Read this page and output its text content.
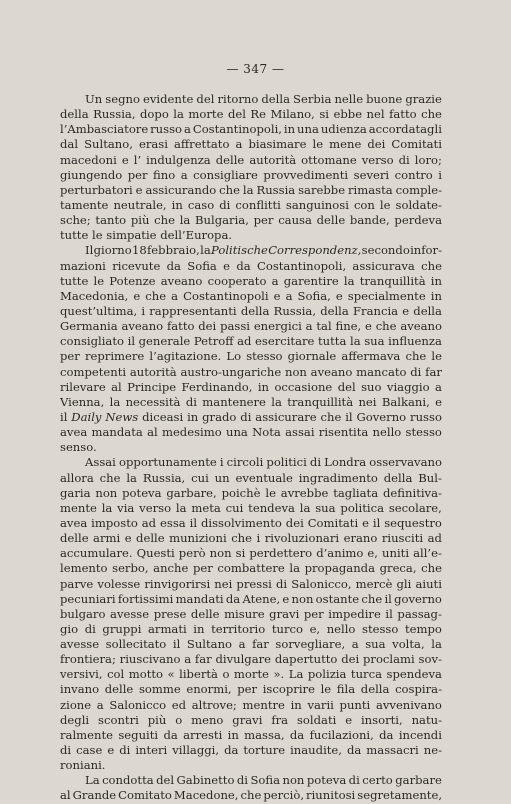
— 347 —
Un segno evidente del ritorno della Serbia nelle buone grazie
della Russia, dopo la morte del Re Milano, si ebbe nel fatto che
l’Ambasciatore russo a Costantinopoli, in una udienza accordatagli
dal Sultano, erasi affrettato a biasimare le mene dei Comitati
macedoni e l’ indulgenza delle autorità ottomane verso di loro;
giungendo per fino a consigliare provvedimenti severi contro i
perturbatori e assicurando che la Russia sarebbe rimasta comple-
tamente neutrale, in caso di conflitti sanguinosi con le soldate-
sche; tanto più che la Bulgaria, per causa delle bande, perdeva
tutte le simpatie dell’Europa.
Il giorno 18 febbraio, la Politische Correspondenz, secondo infor-
mazioni ricevute da Sofia e da Costantinopoli, assicurava che
tutte le Potenze aveano cooperato a garentire la tranquillità in
Macedonia, e che a Costantinopoli e a Sofia, e specialmente in
quest’ultima, i rappresentanti della Russia, della Francia e della
Germania aveano fatto dei passi energici a tal fine, e che aveano
consigliato il generale Petroff ad esercitare tutta la sua influenza
per reprimere l’agitazione. Lo stesso giornale affermava che le
competenti autorità austro-ungariche non aveano mancato di far
rilevare al Principe Ferdinando, in occasione del suo viaggio a
Vienna, la necessità di mantenere la tranquillità nei Balkani, e
il Daily News diceasi in grado di assicurare che il Governo russo
avea mandata al medesimo una Nota assai risentita nello stesso
senso.
Assai opportunamente i circoli politici di Londra osservavano
allora che la Russia, cui un eventuale ingradimento della Bul-
garia non poteva garbare, poichè le avrebbe tagliata definitiva-
mente la via verso la meta cui tendeva la sua politica secolare,
avea imposto ad essa il dissolvimento dei Comitati e il sequestro
delle armi e delle munizioni che i rivoluzionari erano riusciti ad
accumulare. Questi però non si perdettero d’animo e, uniti all’e-
lemento serbo, anche per combattere la propaganda greca, che
parve volesse rinvigorirsi nei pressi di Salonicco, mercè gli aiuti
pecuniari fortissimi mandati da Atene, e non ostante che il governo
bulgaro avesse prese delle misure gravi per impedire il passag-
gio di gruppi armati in territorio turco e, nello stesso tempo
avesse sollecitato il Sultano a far sorvegliare, a sua volta, la
frontiera; riuscivano a far divulgare dapertutto dei proclami sov-
versivi, col motto « libertà o morte ». La polizia turca spendeva
invano delle somme enormi, per iscoprire le fila della cospira-
zione a Salonicco ed altrove; mentre in varii punti avvenivano
degli scontri più o meno gravi fra soldati e insorti, natu-
ralmente seguiti da arresti in massa, da fucilazioni, da incendi
di case e di interi villaggi, da torture inaudite, da massacri ne-
roniani.
La condotta del Gabinetto di Sofia non poteva di certo garbare
al Grande Comitato Macedone, che perciò, riunitosi segretamente,
